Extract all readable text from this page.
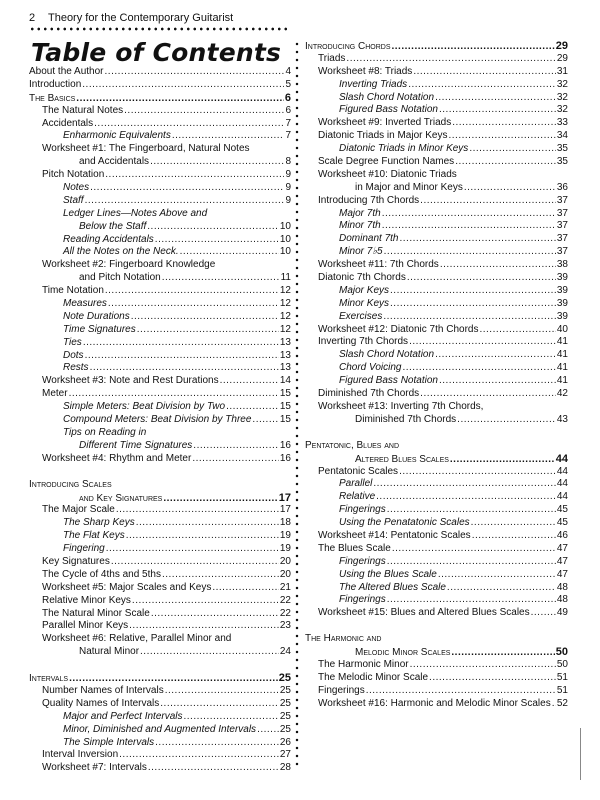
2 Theory for the Contemporary Guitarist
Table of Contents
About the Author .....	4
Introduction .....	5
The Basics .....	6
The Natural Notes .....	6
Accidentals .....	7
Enharmonic Equivalents .....	7
Worksheet #1: The Fingerboard, Natural Notes
and Accidentals .....	8
Pitch Notation .....	9
Notes .....	9
Staff .....	9
Ledger Lines—Notes Above and
Below the Staff .....	10
Reading Accidentals .....	10
All the Notes on the Neck. .....	10
Worksheet #2: Fingerboard Knowledge
and Pitch Notation .....	11
Time Notation .....	12
Measures .....	12
Note Durations .....	12
Time Signatures .....	12
Ties .....	13
Dots .....	13
Rests .....	13
Worksheet #3: Note and Rest Durations .....	14
Meter .....	15
Simple Meters: Beat Division by Two .....	15
Compound Meters: Beat Division by Three .....	15
Tips on Reading in
Different Time Signatures .....	16
Worksheet #4: Rhythm and Meter .....	16
Introducing Scales
and Key Signatures .....	17
The Major Scale .....	17
The Sharp Keys .....	18
The Flat Keys .....	19
Fingering .....	19
Key Signatures .....	20
The Cycle of 4ths and 5ths .....	20
Worksheet #5: Major Scales and Keys .....	21
Relative Minor Keys .....	22
The Natural Minor Scale .....	22
Parallel Minor Keys .....	23
Worksheet #6: Relative, Parallel Minor and
Natural Minor .....	24
Intervals .....	25
Number Names of Intervals .....	25
Quality Names of Intervals .....	25
Major and Perfect Intervals .....	25
Minor, Diminished and Augmented Intervals ..... 25
The Simple Intervals .....	26
Interval Inversion .....	27
Worksheet #7: Intervals .....	28
Introducing Chords .....	29
Triads .....	29
Worksheet #8: Triads .....	31
Inverting Triads .....	32
Slash Chord Notation .....	32
Figured Bass Notation .....	32
Worksheet #9: Inverted Triads .....	33
Diatonic Triads in Major Keys .....	34
Diatonic Triads in Minor Keys .....	35
Scale Degree Function Names .....	35
Worksheet #10: Diatonic Triads
in Major and Minor Keys .....	36
Introducing 7th Chords .....	37
Major 7th .....	37
Minor 7th .....	37
Dominant 7th .....	37
Minor 7♭5 .....	37
Worksheet #11: 7th Chords .....	38
Diatonic 7th Chords .....	39
Major Keys .....	39
Minor Keys .....	39
Exercises .....	39
Worksheet #12: Diatonic 7th Chords .....	40
Inverting 7th Chords .....	41
Slash Chord Notation .....	41
Chord Voicing .....	41
Figured Bass Notation .....	41
Diminished 7th Chords .....	42
Worksheet #13: Inverting 7th Chords,
Diminished 7th Chords .....	43
Pentatonic, Blues and
Altered Blues Scales .....	44
Pentatonic Scales .....	44
Parallel .....	44
Relative .....	44
Fingerings .....	45
Using the Penatatonic Scales .....	45
Worksheet #14: Pentatonic Scales .....	46
The Blues Scale .....	47
Fingerings .....	47
Using the Blues Scale .....	47
The Altered Blues Scale .....	48
Fingerings .....	48
Worksheet #15: Blues and Altered Blues Scales .....	49
The Harmonic and
Melodic Minor Scales .....	50
The Harmonic Minor .....	50
The Melodic Minor Scale .....	51
Fingerings .....	51
Worksheet #16: Harmonic and Melodic Minor Scales ..... 52
